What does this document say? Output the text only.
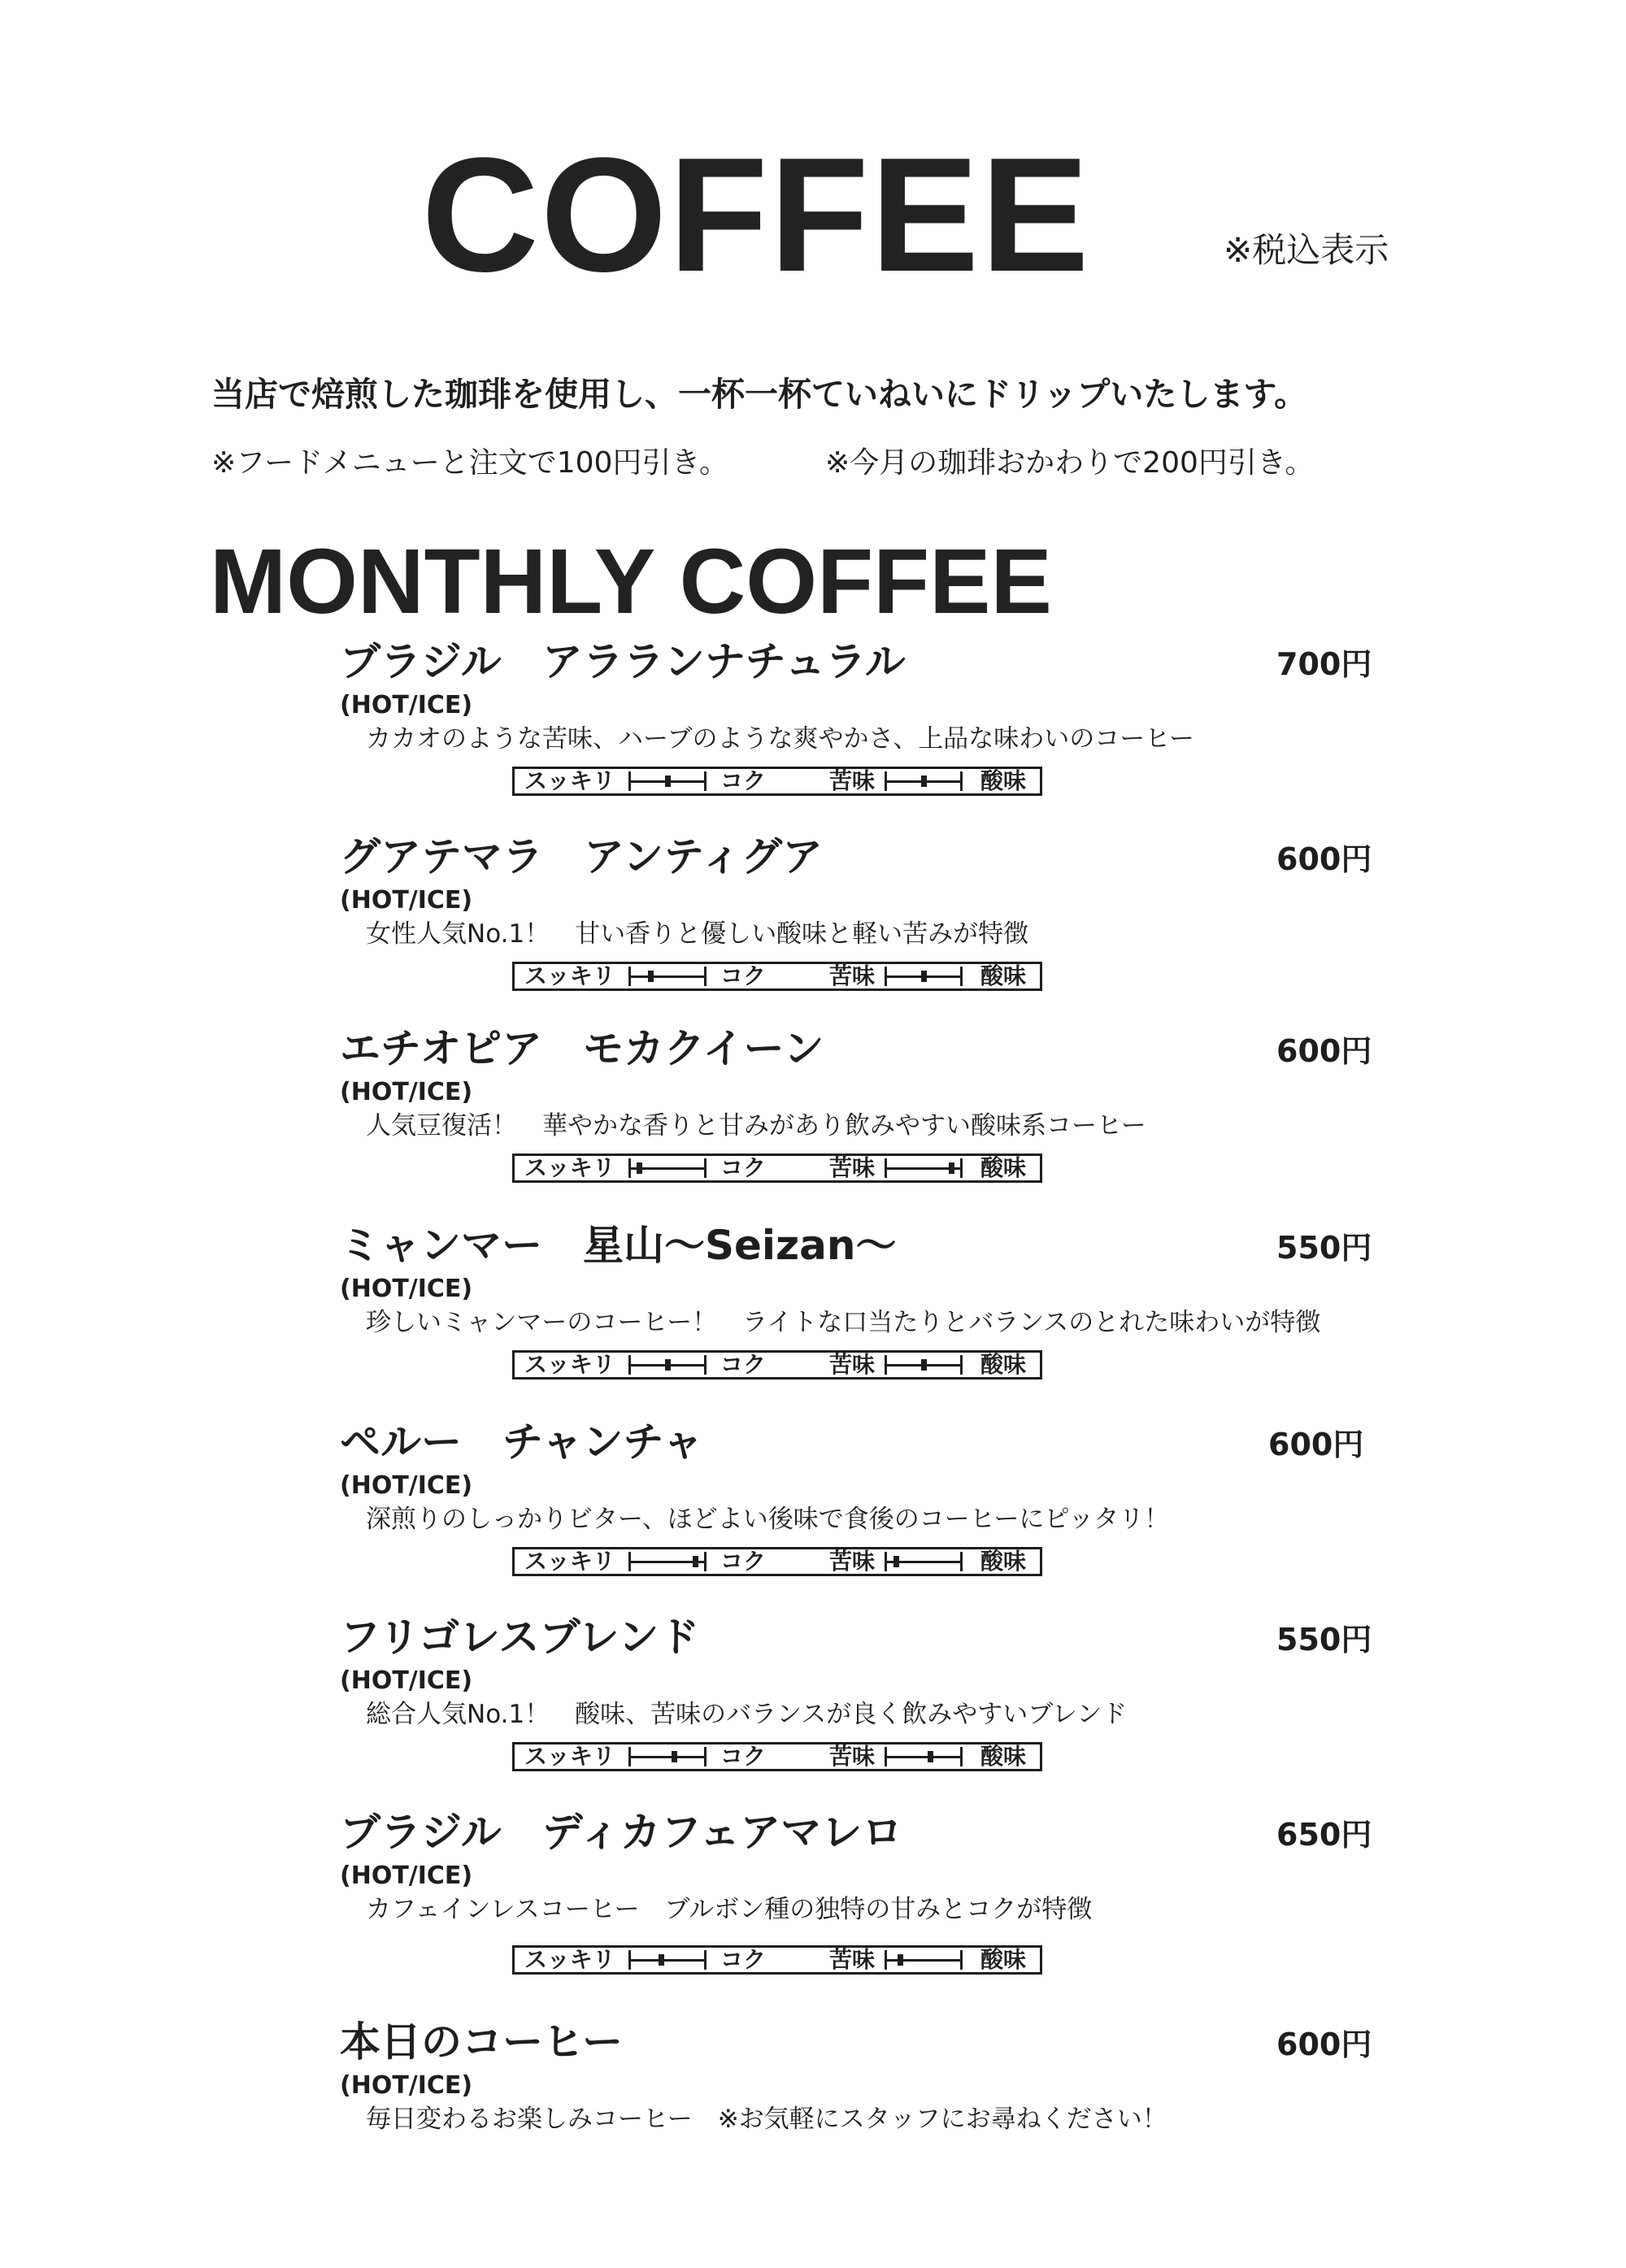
COFFEE	※税込表示
当店で焙煎した珈琲を使用し、一杯一杯ていねいにドリップいたします。
※フードメニューと注文で100円引き。	※今月の珈琲おかわりで200円引き。
MONTHLY COFFEE
ブラジル　アラランナチュラル	700円
(HOT/ICE)
カカオのような苦味、ハーブのような爽やかさ、上品な味わいのコーヒー
スッキリ	コク	苦味	酸味
グアテマラ　アンティグア	600円
(HOT/ICE)
女性人気No.1！　甘い香りと優しい酸味と軽い苦みが特徴
スッキリ	コク	苦味	酸味
エチオピア　モカクイーン	600円
(HOT/ICE)
人気豆復活！　華やかな香りと甘みがあり飲みやすい酸味系コーヒー
スッキリ	コク	苦味	酸味
ミャンマー　星山～Seizan～	550円
(HOT/ICE)
珍しいミャンマーのコーヒー！　ライトな口当たりとバランスのとれた味わいが特徴
スッキリ	コク	苦味	酸味
ペルー　チャンチャ	600円
(HOT/ICE)
深煎りのしっかりビター、ほどよい後味で食後のコーヒーにピッタリ！
スッキリ	コク	苦味	酸味
フリゴレスブレンド	550円
(HOT/ICE)
総合人気No.1！　酸味、苦味のバランスが良く飲みやすいブレンド
スッキリ	コク	苦味	酸味
ブラジル　ディカフェアマレロ	650円
(HOT/ICE)
カフェインレスコーヒー　ブルボン種の独特の甘みとコクが特徴
スッキリ	コク	苦味	酸味
本日のコーヒー	600円
(HOT/ICE)
毎日変わるお楽しみコーヒー　※お気軽にスタッフにお尋ねください！
